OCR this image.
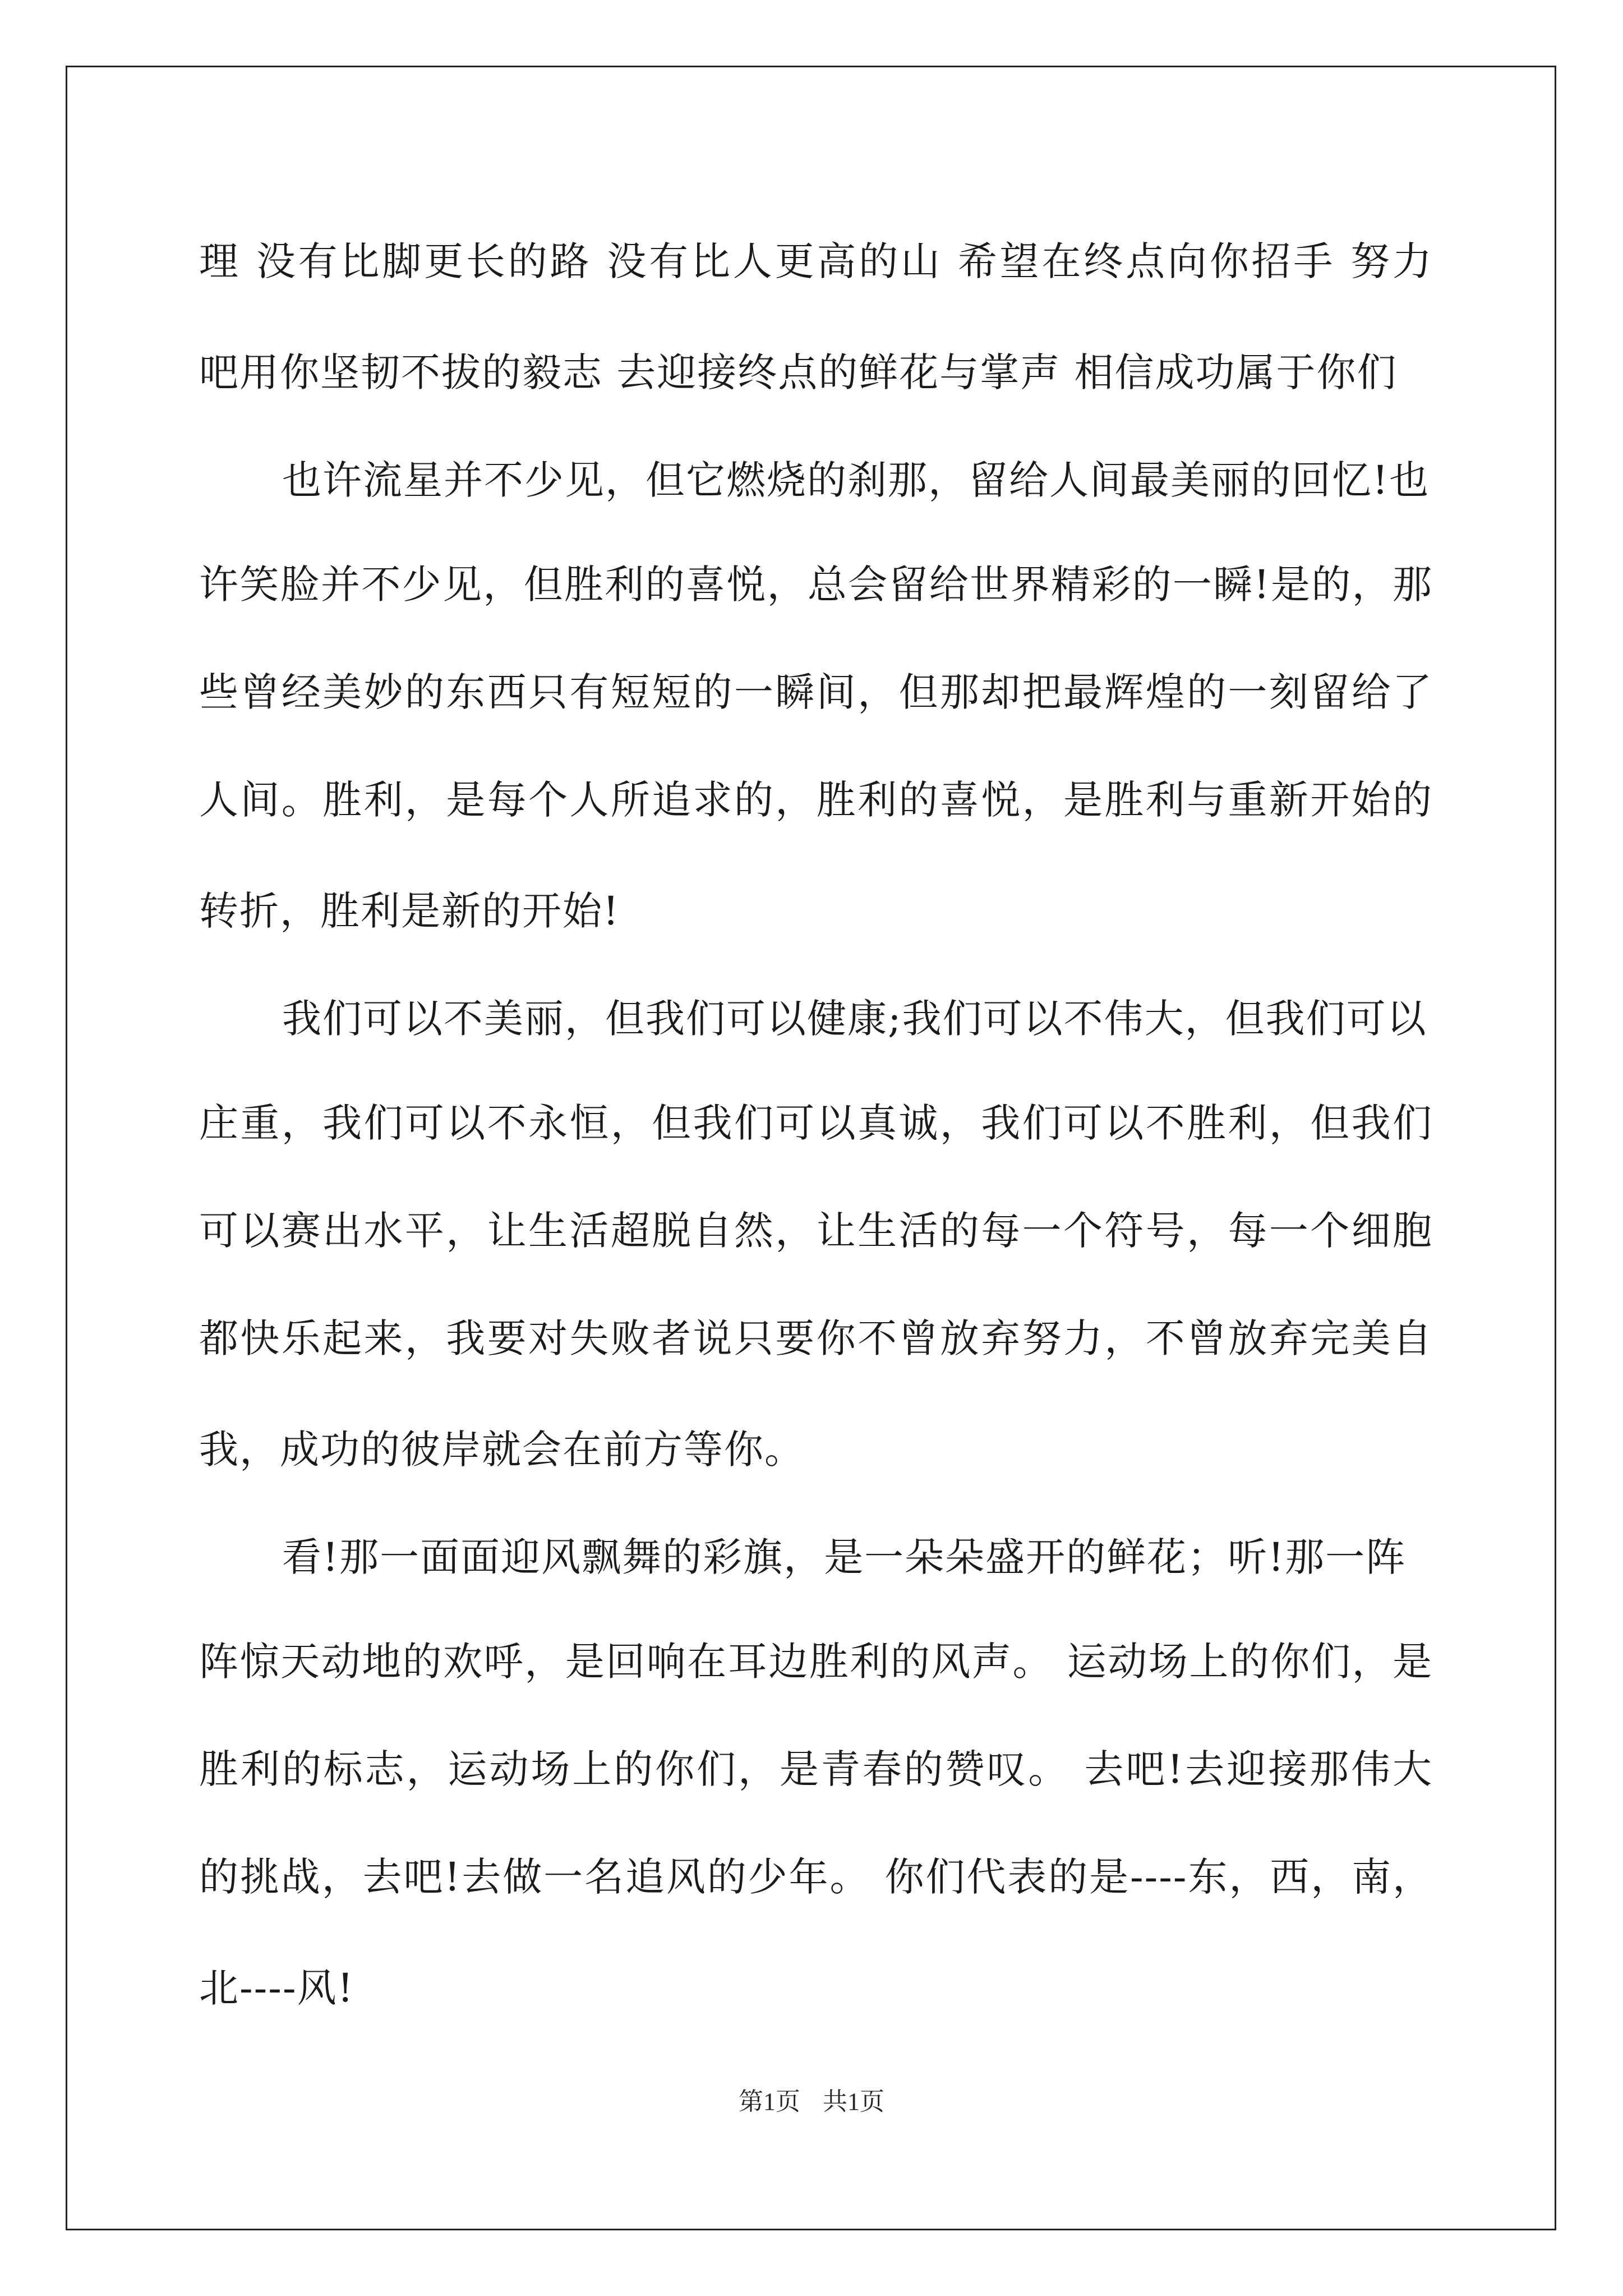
理 没有比脚更长的路 没有比人更高的山 希望在终点向你招手 努力
吧用你坚韧不拔的毅志 去迎接终点的鲜花与掌声 相信成功属于你们
也许流星并不少见，但它燃烧的刹那，留给人间最美丽的回忆!也
许笑脸并不少见，但胜利的喜悦，总会留给世界精彩的一瞬!是的，那
些曾经美妙的东西只有短短的一瞬间，但那却把最辉煌的一刻留给了
人间。胜利，是每个人所追求的，胜利的喜悦，是胜利与重新开始的
转折，胜利是新的开始!
我们可以不美丽，但我们可以健康;我们可以不伟大，但我们可以
庄重，我们可以不永恒，但我们可以真诚，我们可以不胜利，但我们
可以赛出水平，让生活超脱自然，让生活的每一个符号，每一个细胞
都快乐起来，我要对失败者说只要你不曾放弃努力，不曾放弃完美自
我，成功的彼岸就会在前方等你。
看!那一面面迎风飘舞的彩旗，是一朵朵盛开的鲜花；听!那一阵
阵惊天动地的欢呼，是回响在耳边胜利的风声。 运动场上的你们，是
胜利的标志，运动场上的你们，是青春的赞叹。 去吧!去迎接那伟大
的挑战，去吧!去做一名追风的少年。 你们代表的是----东，西，南，
北----风!
第1页 共1页
